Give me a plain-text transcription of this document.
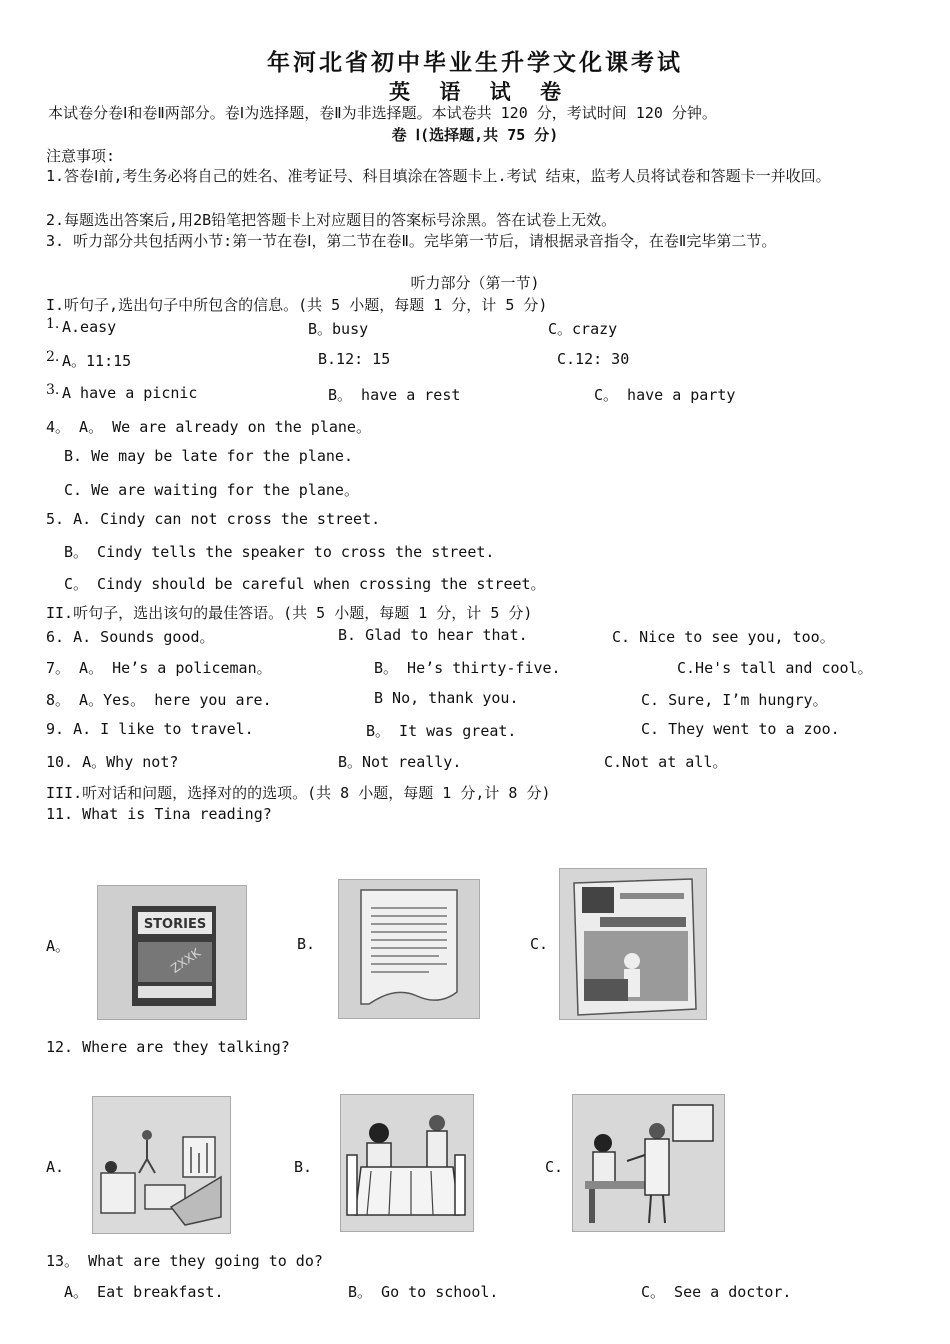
年河北省初中毕业生升学文化课考试
英 语 试 卷
本试卷分卷Ⅰ和卷Ⅱ两部分。卷Ⅰ为选择题，卷Ⅱ为非选择题。本试卷共 120 分，考试时间 120 分钟。
卷 Ⅰ(选择题,共 75 分)
注意事项:
1.答卷Ⅰ前,考生务必将自己的姓名、准考证号、科目填涂在答题卡上.考试 结束，监考人员将试卷和答题卡一并收回。
2.每题选出答案后,用2B铅笔把答题卡上对应题目的答案标号涂黑。答在试卷上无效。
3. 听力部分共包括两小节:第一节在卷Ⅰ，第二节在卷Ⅱ。完毕第一节后，请根据录音指令，在卷Ⅱ完毕第二节。
听力部分（第一节)
I.听句子,选出句子中所包含的信息。(共 5 小题，每题 1 分，计 5 分)
1. A.easy	B。busy	C。crazy
2. A。11:15	B.12: 15	C.12: 30
3. A have a picnic	B。 have a rest	C。 have a party
4。 A。 We are already on the plane。
B. We may be late for the plane.
C. We are waiting for the plane。
5. A. Cindy can not cross the street.
B。 Cindy tells the speaker to cross the street.
C。 Cindy should be careful when crossing the street。
II.听句子，选出该句的最佳答语。(共 5 小题，每题 1 分，计 5 分)
6. A. Sounds good。	B. Glad to hear that.	C. Nice to see you, too。
7。 A。 He’s a policeman。	B。 He’s thirty-five.	C.He's tall and cool。
8。 A。Yes。 here you are.	B No, thank you.	C. Sure, I’m hungry。
9. A. I like to travel.	B。 It was great.	C. They went to a zoo.
10. A。Why not?	B。Not really.	C.Not at all。
III.听对话和问题，选择对的的选项。(共 8 小题，每题 1 分,计 8 分)
11. What is Tina reading?
A。
STORIES
ZXXK
B.	C.
12. Where are they talking?
A.	B.	C.
13。 What are they going to do?
A。 Eat breakfast.	B。 Go to school.	C。 See a doctor.
